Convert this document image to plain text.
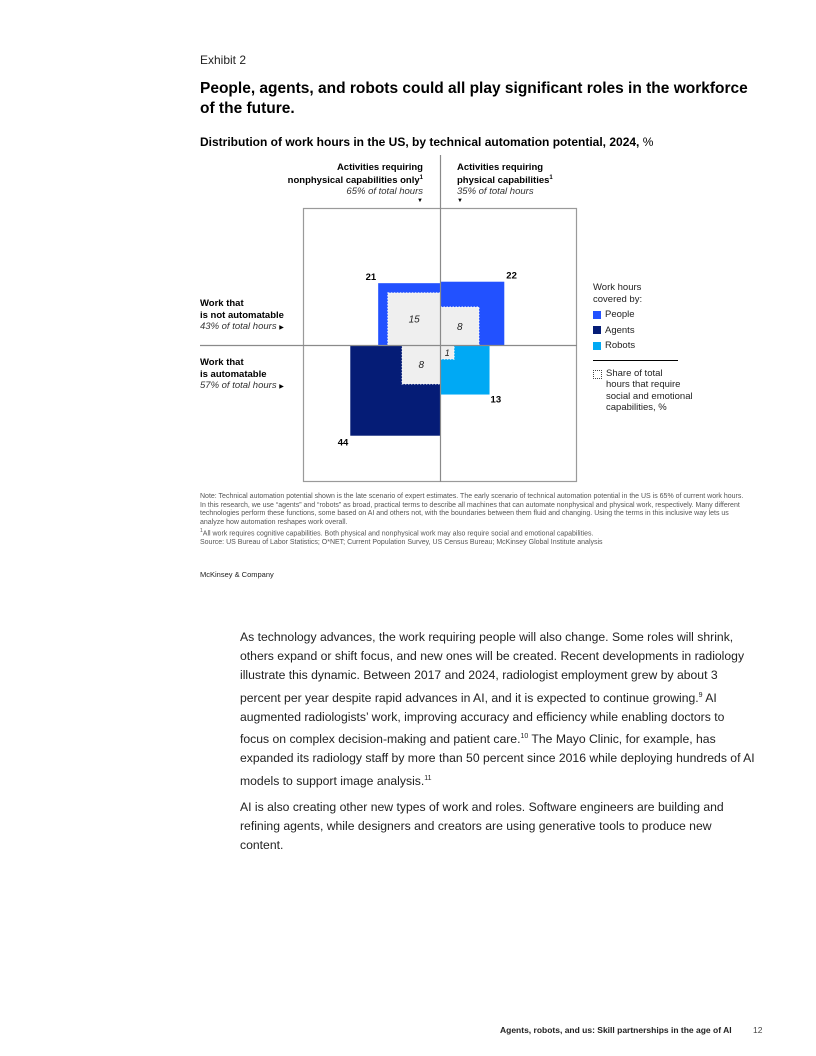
Exhibit 2
People, agents, and robots could all play significant roles in the workforce of the future.
Distribution of work hours in the US, by technical automation potential, 2024, %
Activities requiring
nonphysical capabilities only$^1$
65% of total hours
▼
Activities requiring
physical capabilities$^1$
35% of total hours
▼
Work that
is not automatable
43% of total hours ▶
Work that
is automatable
57% of total hours ▶
15
21
8
22
8
44
1
13
Work hours
covered by:
People
Agents
Robots
Share of total
hours that require
social and emotional
capabilities, %

Note: Technical automation potential shown is the late scenario of expert estimates. The early scenario of technical automation potential in the US is 65% of current work hours. In this research, we use “agents” and “robots” as broad, practical terms to describe all machines that can automate nonphysical and physical work, respectively. Many different technologies perform these functions, some based on AI and others not, with the boundaries between them fluid and changing. Using the terms in this inclusive way lets us analyze how automation reshapes work overall.

$^1$All work requires cognitive capabilities. Both physical and nonphysical work may also require social and emotional capabilities.

Source: US Bureau of Labor Statistics; O*NET; Current Population Survey, US Census Bureau; McKinsey Global Institute analysis

McKinsey & Company

As technology advances, the work requiring people will also change. Some roles will shrink, others expand or shift focus, and new ones will be created. Recent developments in radiology illustrate this dynamic. Between 2017 and 2024, radiologist employment grew by about 3 percent per year despite rapid advances in AI, and it is expected to continue growing.$^9$ AI augmented radiologists’ work, improving accuracy and efficiency while enabling doctors to focus on complex decision-making and patient care.$^{10}$ The Mayo Clinic, for example, has expanded its radiology staff by more than 50 percent since 2016 while deploying hundreds of AI models to support image analysis.$^{11}$

AI is also creating other new types of work and roles. Software engineers are building and refining agents, while designers and creators are using generative tools to produce new content.

Agents, robots, and us: Skill partnerships in the age of AI	12
